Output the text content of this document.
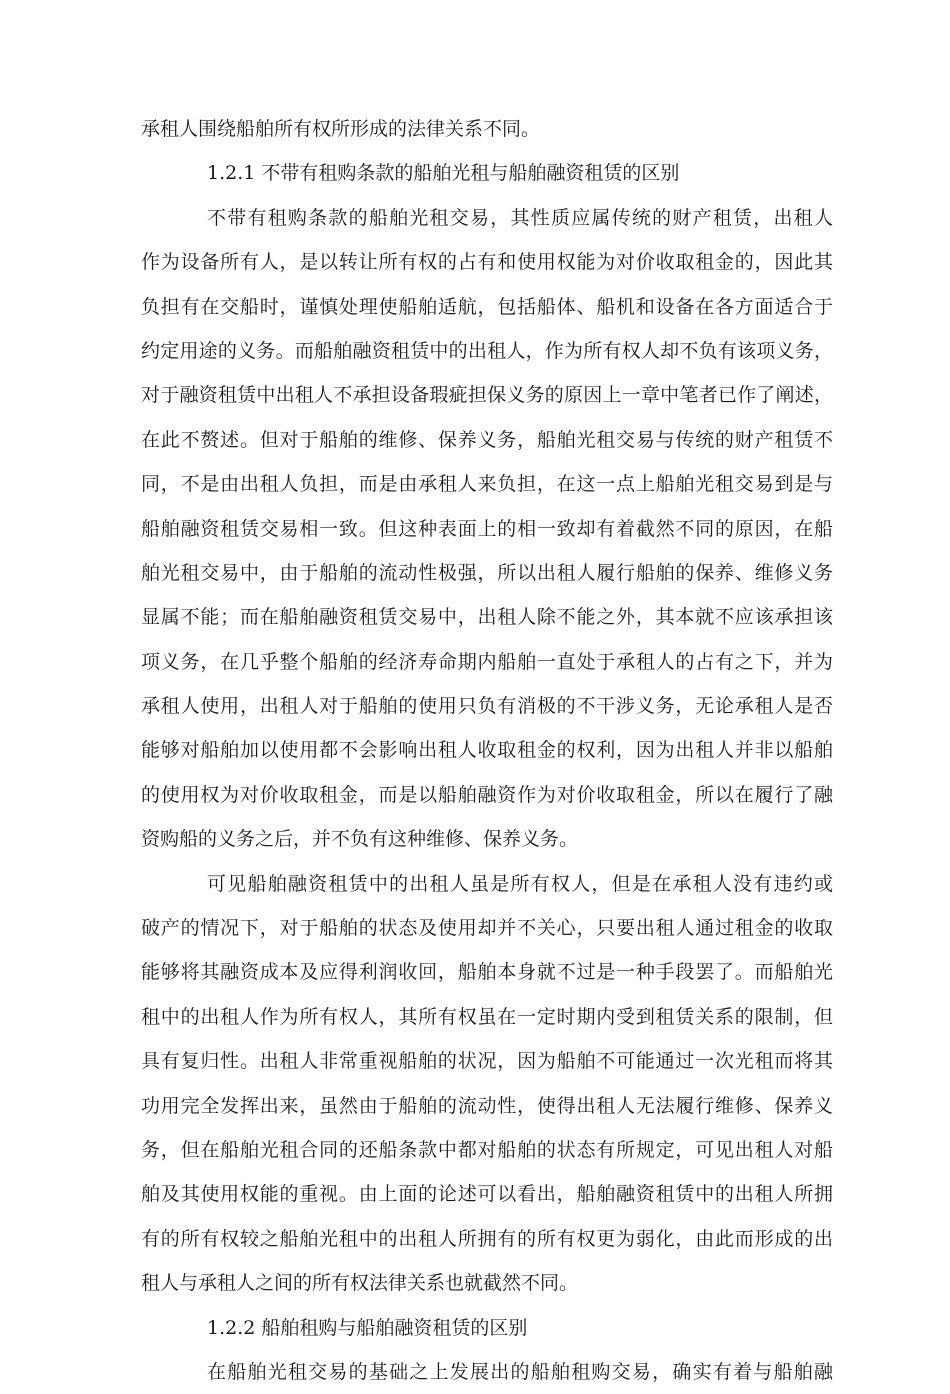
承租人围绕船舶所有权所形成的法律关系不同。
1.2.1 不带有租购条款的船舶光租与船舶融资租赁的区别
不带有租购条款的船舶光租交易，其性质应属传统的财产租赁，出租人
作为设备所有人，是以转让所有权的占有和使用权能为对价收取租金的，因此其
负担有在交船时，谨慎处理使船舶适航，包括船体、船机和设备在各方面适合于
约定用途的义务。而船舶融资租赁中的出租人，作为所有权人却不负有该项义务，
对于融资租赁中出租人不承担设备瑕疵担保义务的原因上一章中笔者已作了阐述，
在此不赘述。但对于船舶的维修、保养义务，船舶光租交易与传统的财产租赁不
同，不是由出租人负担，而是由承租人来负担，在这一点上船舶光租交易到是与
船舶融资租赁交易相一致。但这种表面上的相一致却有着截然不同的原因，在船
舶光租交易中，由于船舶的流动性极强，所以出租人履行船舶的保养、维修义务
显属不能；而在船舶融资租赁交易中，出租人除不能之外，其本就不应该承担该
项义务，在几乎整个船舶的经济寿命期内船舶一直处于承租人的占有之下，并为
承租人使用，出租人对于船舶的使用只负有消极的不干涉义务，无论承租人是否
能够对船舶加以使用都不会影响出租人收取租金的权利，因为出租人并非以船舶
的使用权为对价收取租金，而是以船舶融资作为对价收取租金，所以在履行了融
资购船的义务之后，并不负有这种维修、保养义务。
可见船舶融资租赁中的出租人虽是所有权人，但是在承租人没有违约或
破产的情况下，对于船舶的状态及使用却并不关心，只要出租人通过租金的收取
能够将其融资成本及应得利润收回，船舶本身就不过是一种手段罢了。而船舶光
租中的出租人作为所有权人，其所有权虽在一定时期内受到租赁关系的限制，但
具有复归性。出租人非常重视船舶的状况，因为船舶不可能通过一次光租而将其
功用完全发挥出来，虽然由于船舶的流动性，使得出租人无法履行维修、保养义
务，但在船舶光租合同的还船条款中都对船舶的状态有所规定，可见出租人对船
舶及其使用权能的重视。由上面的论述可以看出，船舶融资租赁中的出租人所拥
有的所有权较之船舶光租中的出租人所拥有的所有权更为弱化，由此而形成的出
租人与承租人之间的所有权法律关系也就截然不同。
1.2.2 船舶租购与船舶融资租赁的区别
在船舶光租交易的基础之上发展出的船舶租购交易，确实有着与船舶融
